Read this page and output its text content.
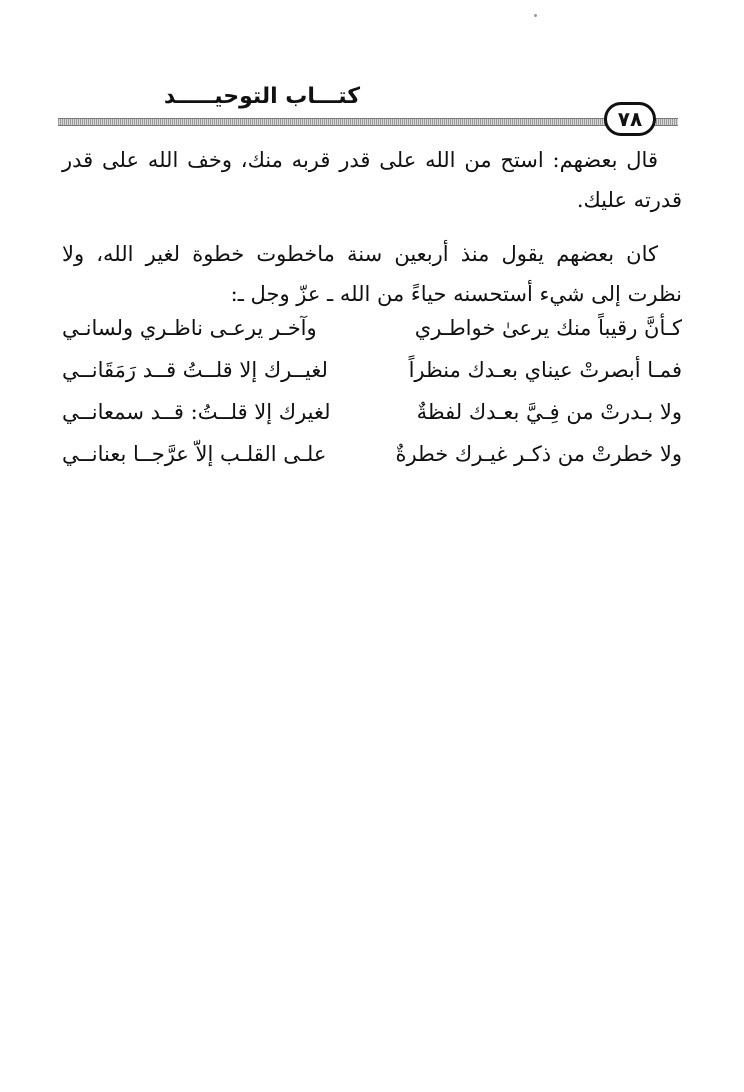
كتـــاب التوحيـــــد
٧٨

قال بعضهم: استح من الله على قدر قربه منك، وخف الله على قدر قدرته عليك.

كان بعضهم يقول منذ أربعين سنة ماخطوت خطوة لغير الله، ولا نظرت إلى شيء أستحسنه حياءً من الله ـ عزّ وجل ـ:

كـأنَّ رقيباً منك يرعىٰ خواطـري
وآخـر يرعـى ناظـري ولسانـي
فمـا أبصرتْ عيناي بعـدك منظراً
لغيــرك إلا قلــتُ قــد رَمَقَانــي
ولا بـدرتْ من فِـيَّ بعـدك لفظةٌ
لغيرك إلا قلــتُ: قــد سمعانــي
ولا خطرتْ من ذكـر غيـرك خطرةٌ
علـى القلـب إلاّ عرَّجــا بعنانــي
